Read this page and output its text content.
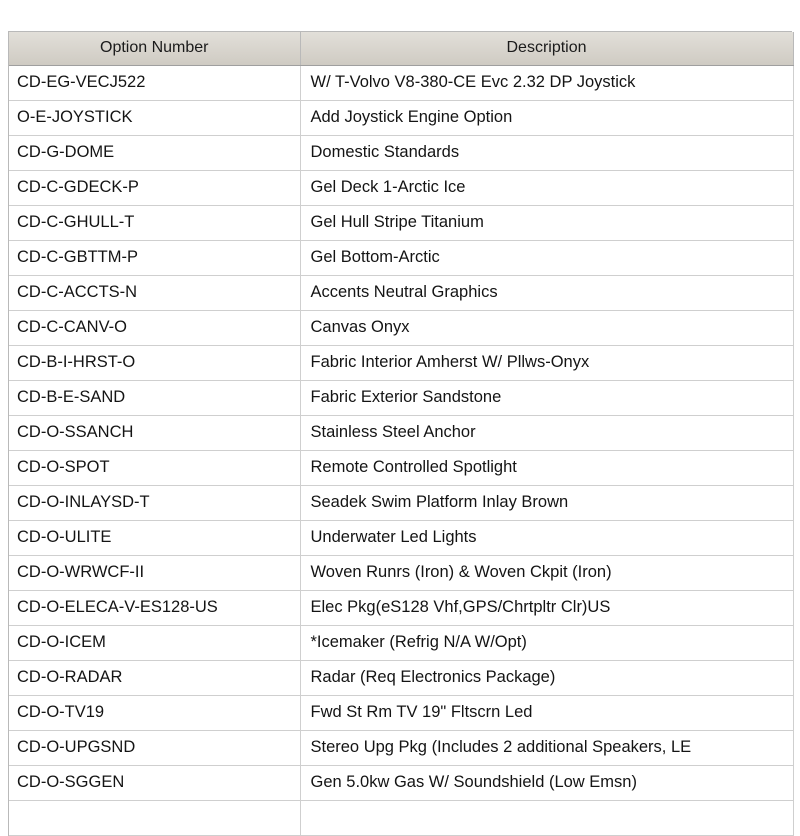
Option Number	Description
CD-EG-VECJ522	W/ T-Volvo V8-380-CE Evc 2.32 DP Joystick
O-E-JOYSTICK	Add Joystick Engine Option
CD-G-DOME	Domestic Standards
CD-C-GDECK-P	Gel Deck 1-Arctic Ice
CD-C-GHULL-T	Gel Hull Stripe Titanium
CD-C-GBTTM-P	Gel Bottom-Arctic
CD-C-ACCTS-N	Accents Neutral Graphics
CD-C-CANV-O	Canvas Onyx
CD-B-I-HRST-O	Fabric Interior Amherst W/ Pllws-Onyx
CD-B-E-SAND	Fabric Exterior Sandstone
CD-O-SSANCH	Stainless Steel Anchor
CD-O-SPOT	Remote Controlled Spotlight
CD-O-INLAYSD-T	Seadek Swim Platform Inlay Brown
CD-O-ULITE	Underwater Led Lights
CD-O-WRWCF-II	Woven Runrs (Iron) & Woven Ckpit (Iron)
CD-O-ELECA-V-ES128-US	Elec Pkg(eS128 Vhf,GPS/Chrtpltr Clr)US
CD-O-ICEM	*Icemaker (Refrig N/A W/Opt)
CD-O-RADAR	Radar (Req Electronics Package)
CD-O-TV19	Fwd St Rm TV 19" Fltscrn Led
CD-O-UPGSND	Stereo Upg Pkg (Includes 2 additional Speakers, LE
CD-O-SGGEN	Gen 5.0kw Gas W/ Soundshield (Low Emsn)
